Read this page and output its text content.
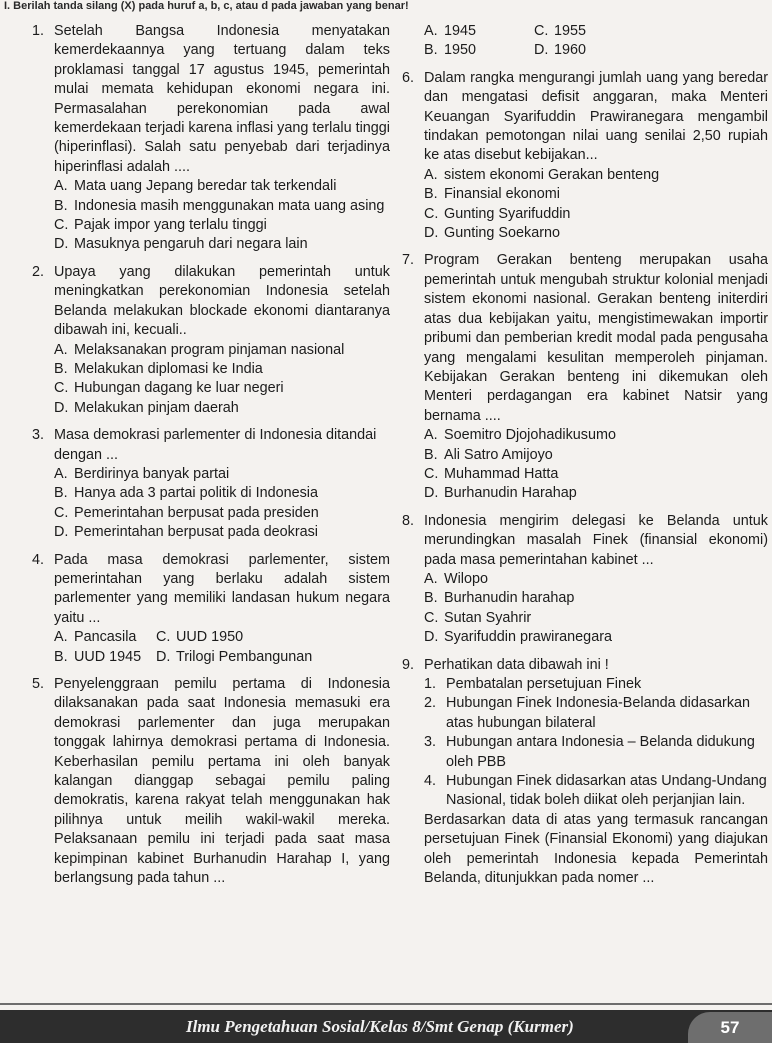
I. Berilah tanda silang (X) pada huruf a, b, c, atau d pada jawaban yang benar!
1. Setelah Bangsa Indonesia menyatakan kemerdekaannya yang tertuang dalam teks proklamasi tanggal 17 agustus 1945, pemerintah mulai memata kehidupan ekonomi negara ini. Permasalahan perekonomian pada awal kemerdekaan terjadi karena inflasi yang terlalu tinggi (hiperinflasi). Salah satu penyebab dari terjadinya hiperinflasi adalah ....
A. Mata uang Jepang beredar tak terkendali
B. Indonesia masih menggunakan mata uang asing
C. Pajak impor yang terlalu tinggi
D. Masuknya pengaruh dari negara lain
2. Upaya yang dilakukan pemerintah untuk meningkatkan perekonomian Indonesia setelah Belanda melakukan blockade ekonomi diantaranya dibawah ini, kecuali..
A. Melaksanakan program pinjaman nasional
B. Melakukan diplomasi ke India
C. Hubungan dagang ke luar negeri
D. Melakukan pinjam daerah
3. Masa demokrasi parlementer di Indonesia ditandai dengan ...
A. Berdirinya banyak partai
B. Hanya ada 3 partai politik di Indonesia
C. Pemerintahan berpusat pada presiden
D. Pemerintahan berpusat pada deokrasi
4. Pada masa demokrasi parlementer, sistem pemerintahan yang berlaku adalah sistem parlementer yang memiliki landasan hukum negara yaitu ...
A. Pancasila C. UUD 1950
B. UUD 1945 D. Trilogi Pembangunan
5. Penyelenggraan pemilu pertama di Indonesia dilaksanakan pada saat Indonesia memasuki era demokrasi parlementer dan juga merupakan tonggak lahirnya demokrasi pertama di Indonesia. Keberhasilan pemilu pertama ini oleh banyak kalangan dianggap sebagai pemilu paling demokratis, karena rakyat telah menggunakan hak pilihnya untuk meilih wakil-wakil mereka. Pelaksanaan pemilu ini terjadi pada saat masa kepimpinan kabinet Burhanudin Harahap I, yang berlangsung pada tahun ...
A. 1945	C. 1955
B. 1950	D. 1960
6. Dalam rangka mengurangi jumlah uang yang beredar dan mengatasi defisit anggaran, maka Menteri Keuangan Syarifuddin Prawiranegara mengambil tindakan pemotongan nilai uang senilai 2,50 rupiah ke atas disebut kebijakan...
A. sistem ekonomi Gerakan benteng
B. Finansial ekonomi
C. Gunting Syarifuddin
D. Gunting Soekarno
7. Program Gerakan benteng merupakan usaha pemerintah untuk mengubah struktur kolonial menjadi sistem ekonomi nasional. Gerakan benteng initerdiri atas dua kebijakan yaitu, mengistimewakan importir pribumi dan pemberian kredit modal pada pengusaha yang mengalami kesulitan memperoleh pinjaman. Kebijakan Gerakan benteng ini dikemukan oleh Menteri perdagangan era kabinet Natsir yang bernama ....
A. Soemitro Djojohadikusumo
B. Ali Satro Amijoyo
C. Muhammad Hatta
D. Burhanudin Harahap
8. Indonesia mengirim delegasi ke Belanda untuk merundingkan masalah Finek (finansial ekonomi) pada masa pemerintahan kabinet ...
A. Wilopo
B. Burhanudin harahap
C. Sutan Syahrir
D. Syarifuddin prawiranegara
9. Perhatikan data dibawah ini !
1. Pembatalan persetujuan Finek
2. Hubungan Finek Indonesia-Belanda didasarkan atas hubungan bilateral
3. Hubungan antara Indonesia – Belanda didukung oleh PBB
4. Hubungan Finek didasarkan atas Undang-Undang Nasional, tidak boleh diikat oleh perjanjian lain.
Berdasarkan data di atas yang termasuk rancangan persetujuan Finek (Finansial Ekonomi) yang diajukan oleh pemerintah Indonesia kepada Pemerintah Belanda, ditunjukkan pada nomer ...
Ilmu Pengetahuan Sosial/Kelas 8/Smt Genap (Kurmer)	57
